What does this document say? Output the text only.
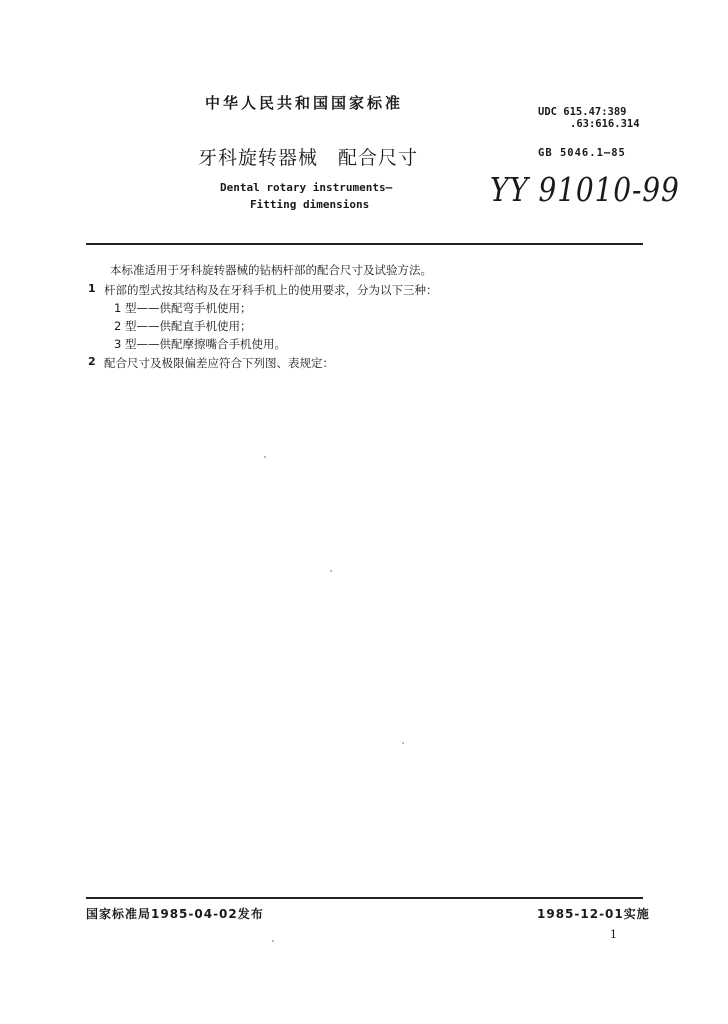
中华人民共和国国家标准	UDC 615.47:389
.63:616.314
牙科旋转器械　配合尺寸	GB 5046.1—85
Dental rotary instruments—
Fitting dimensions	YY 91010-99
本标准适用于牙科旋转器械的钻柄杆部的配合尺寸及试验方法。
1 杆部的型式按其结构及在牙科手机上的使用要求，分为以下三种：
1 型——供配弯手机使用；
2 型——供配直手机使用；
3 型——供配摩擦嘴合手机使用。
2 配合尺寸及极限偏差应符合下列图、表规定：
国家标准局1985-04-02发布	1985-12-01实施
1
